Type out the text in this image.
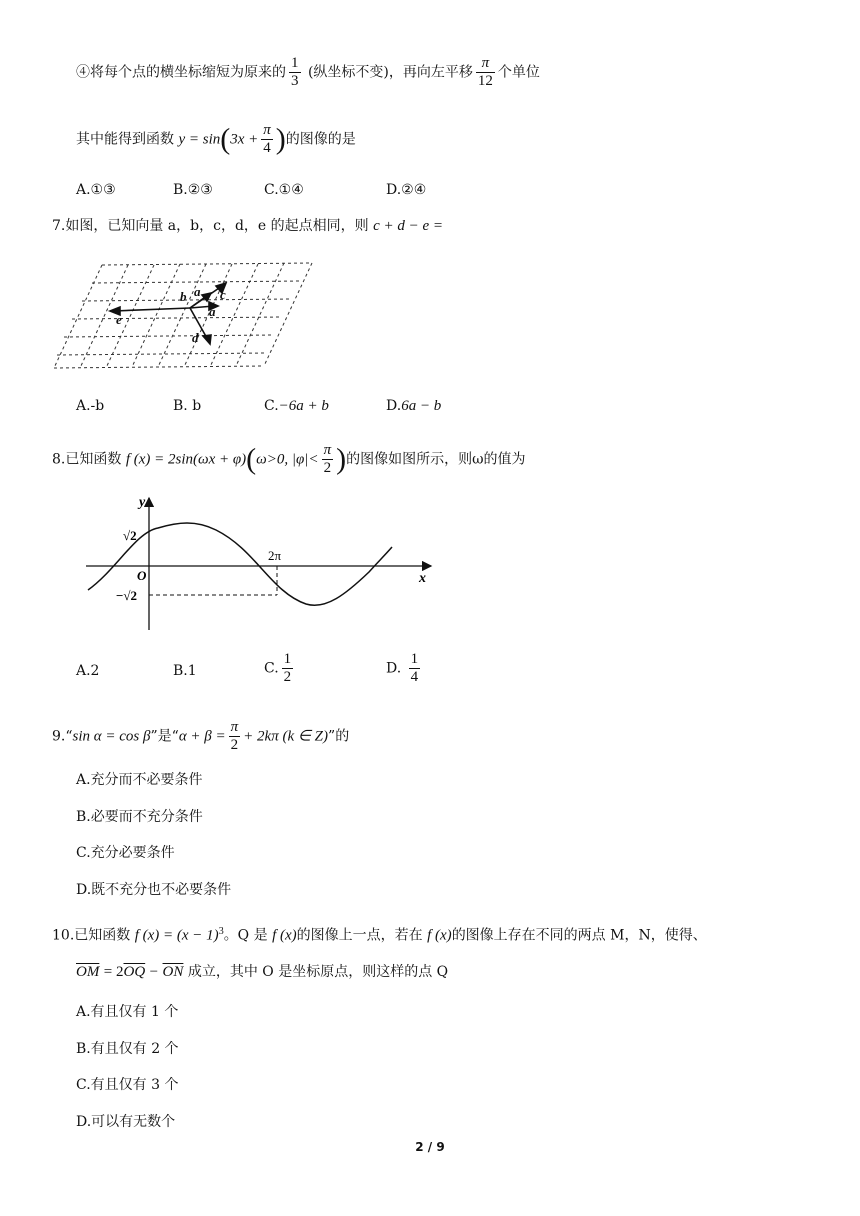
④将每个点的横坐标缩短为原来的 $\frac{1}{3}$ (纵坐标不变)，再向左平移 $\frac{\pi}{12}$ 个单位
其中能得到函数 $y = \sin(3x + \frac{\pi}{4}$ )的图像的是
A.①③	B.②③	C.①④	D.②④
7.如图，已知向量 a，b，c，d，e 的起点相同，则 c + d − e =
b a c
a
e
d
A.-b	B. b	C.−6a + b	D.6a − b
8.已知函数 f (x) = 2sin(ωx + φ)(ω>0, $|\varphi|< \frac{\pi}{2}$ )的图像如图所示，则ω的值为
y
x
O
√2
−√2
2π
A.2	B.1	C. $\frac{1}{2}$	D. $\frac{1}{4}$
9.“sin α = cos β”是“$\alpha + \beta = \frac{\pi}{2} + 2k\pi$ (k ∈ Z)”的
A.充分而不必要条件
B.必要而不充分条件
C.充分必要条件
D.既不充分也不必要条件
10.已知函数 f $(x) = (x - 1)^3$。Q 是 f (x)的图像上一点，若在 f (x)的图像上存在不同的两点 M，N，使得、
$\overline{OM} = 2\overline{OQ} - \overline{ON}$ 成立，其中 O 是坐标原点，则这样的点 Q
A.有且仅有 1 个
B.有且仅有 2 个
C.有且仅有 3 个
D.可以有无数个
2 / 9
